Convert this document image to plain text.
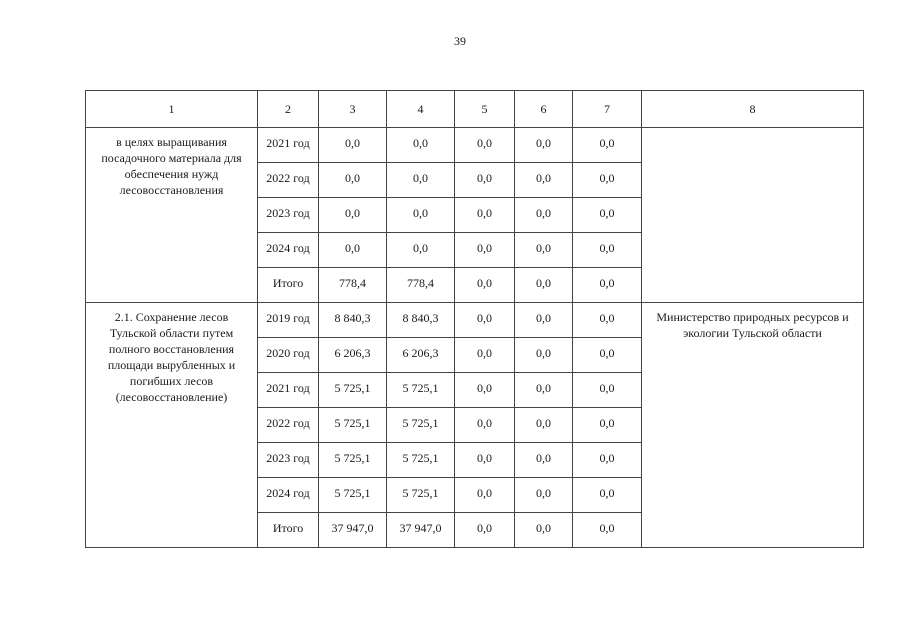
39
1	2	3	4	5	6	7	8
в целях выращивания посадочного материала для обеспечения нужд лесовосстановления	2021 год	0,0	0,0	0,0	0,0	0,0	
	2022 год	0,0	0,0	0,0	0,0	0,0	
	2023 год	0,0	0,0	0,0	0,0	0,0	
	2024 год	0,0	0,0	0,0	0,0	0,0	
	Итого	778,4	778,4	0,0	0,0	0,0	
2.1. Сохранение лесов Тульской области путем полного восстановления площади вырубленных и погибших лесов (лесовосстановление)	2019 год	8 840,3	8 840,3	0,0	0,0	0,0	Министерство природных ресурсов и экологии Тульской области
	2020 год	6 206,3	6 206,3	0,0	0,0	0,0	
	2021 год	5 725,1	5 725,1	0,0	0,0	0,0	
	2022 год	5 725,1	5 725,1	0,0	0,0	0,0	
	2023 год	5 725,1	5 725,1	0,0	0,0	0,0	
	2024 год	5 725,1	5 725,1	0,0	0,0	0,0	
	Итого	37 947,0	37 947,0	0,0	0,0	0,0	
